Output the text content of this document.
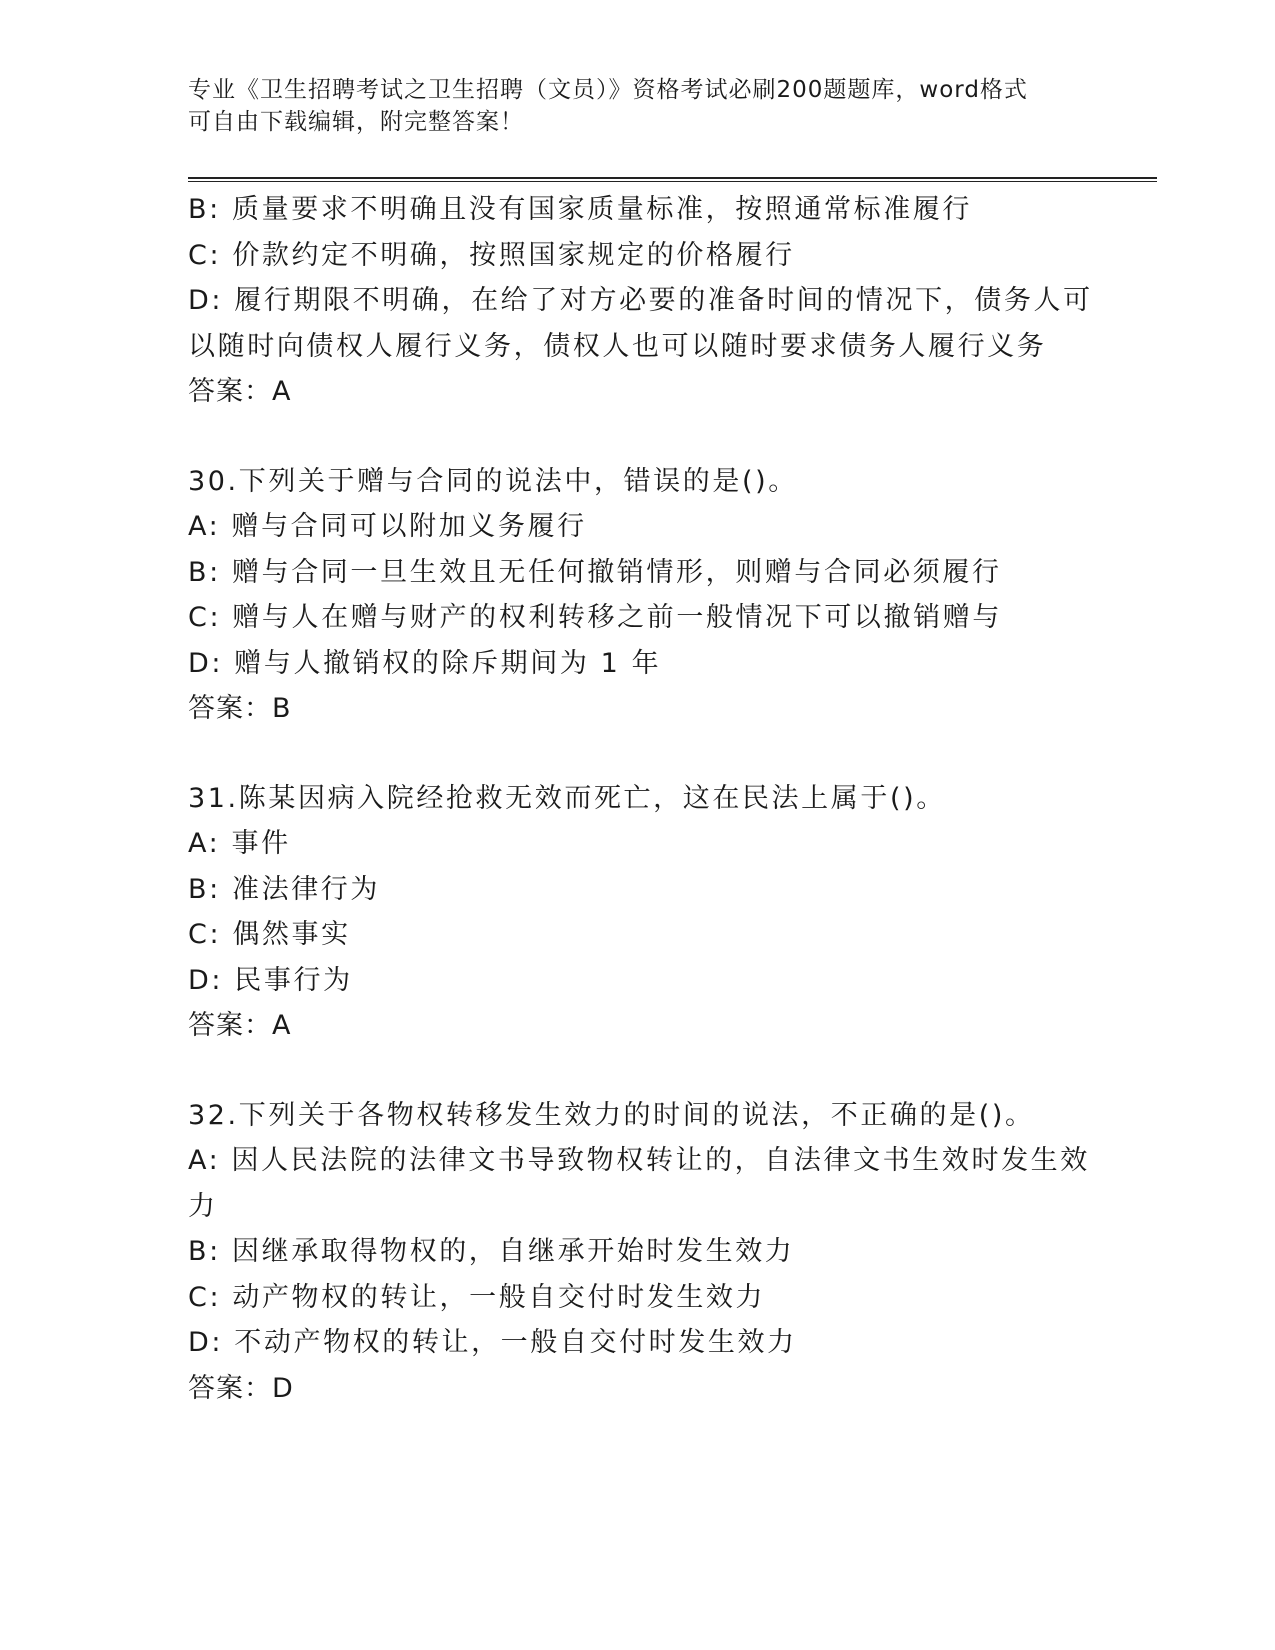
专业《卫生招聘考试之卫生招聘（文员）》资格考试必刷200题题库，word格式
可自由下载编辑，附完整答案！
B: 质量要求不明确且没有国家质量标准，按照通常标准履行
C: 价款约定不明确，按照国家规定的价格履行
D: 履行期限不明确，在给了对方必要的准备时间的情况下，债务人可
以随时向债权人履行义务，债权人也可以随时要求债务人履行义务
答案：A
30.下列关于赠与合同的说法中，错误的是()。
A: 赠与合同可以附加义务履行
B: 赠与合同一旦生效且无任何撤销情形，则赠与合同必须履行
C: 赠与人在赠与财产的权利转移之前一般情况下可以撤销赠与
D: 赠与人撤销权的除斥期间为 1 年
答案：B
31.陈某因病入院经抢救无效而死亡，这在民法上属于()。
A: 事件
B: 准法律行为
C: 偶然事实
D: 民事行为
答案：A
32.下列关于各物权转移发生效力的时间的说法，不正确的是()。
A: 因人民法院的法律文书导致物权转让的，自法律文书生效时发生效
力
B: 因继承取得物权的，自继承开始时发生效力
C: 动产物权的转让，一般自交付时发生效力
D: 不动产物权的转让，一般自交付时发生效力
答案：D
